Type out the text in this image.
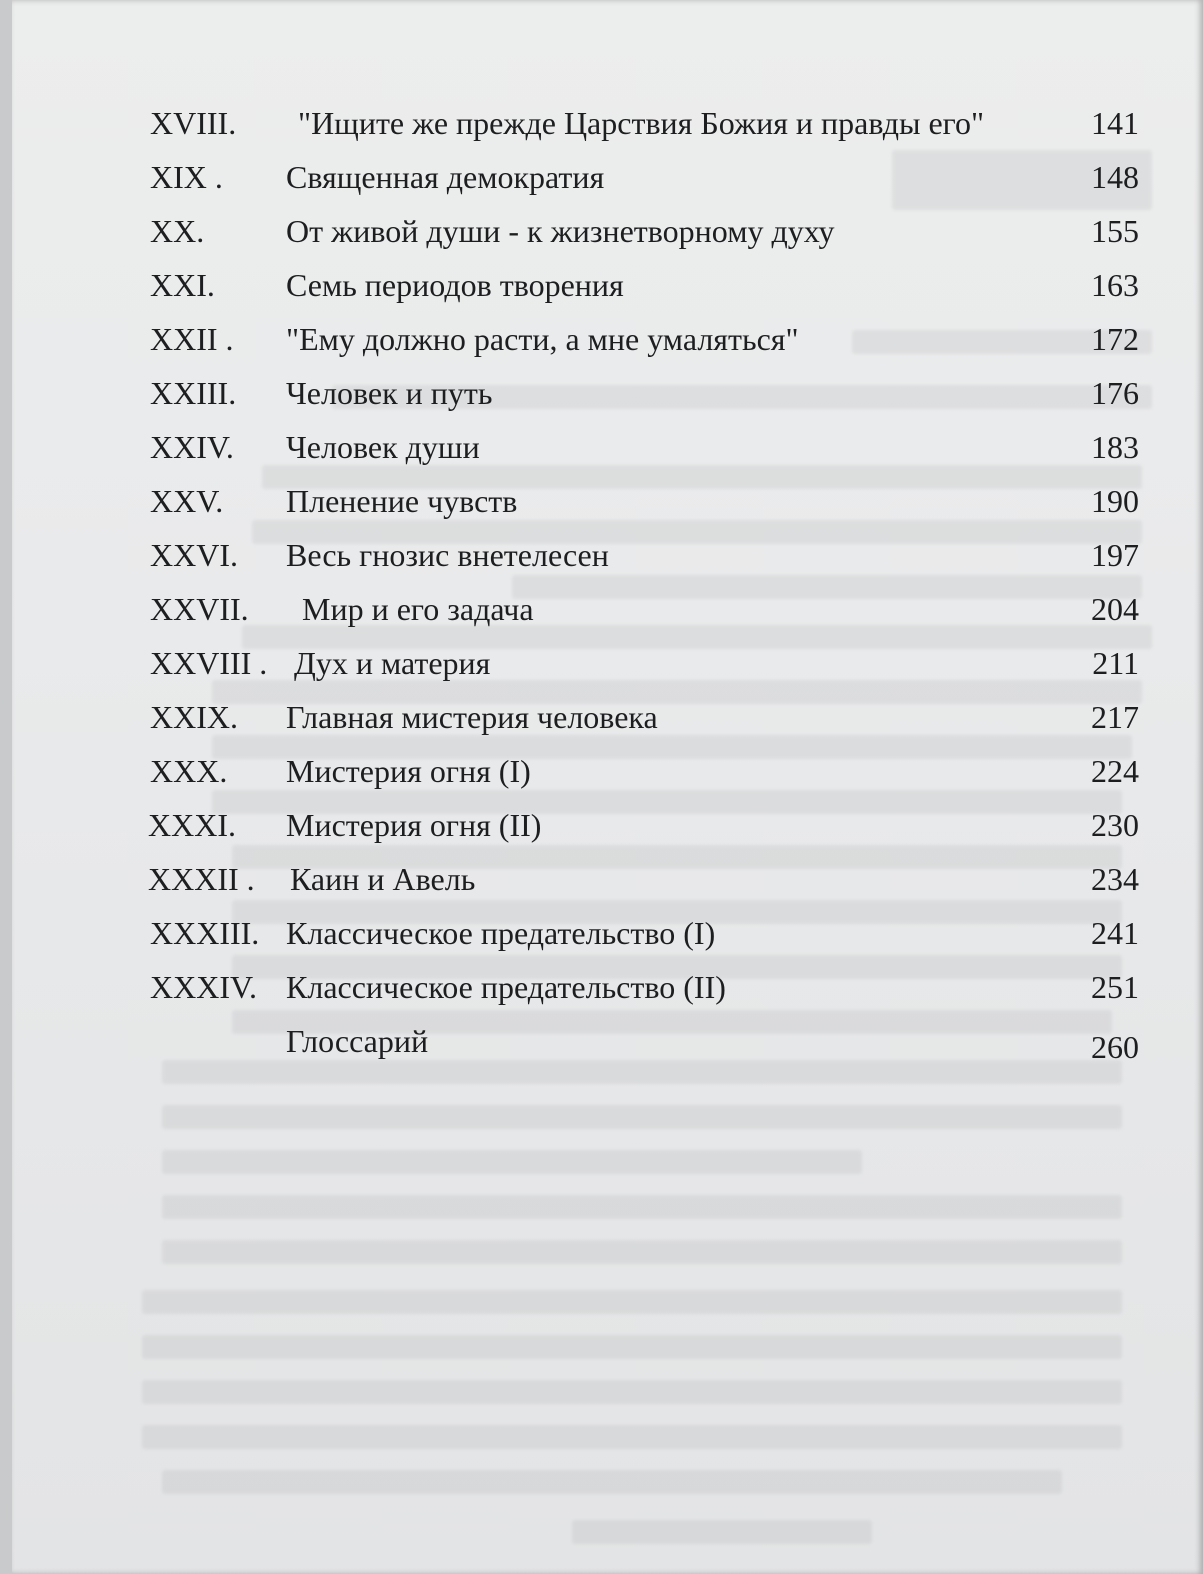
XVIII. "Ищите же прежде Царствия Божия и правды его"	141
XIX . Священная демократия	148
XX.	От живой души - к жизнетворному духу	155
XXI. Семь периодов творения	163
XXII . "Ему должно расти, а мне умаляться"	172
XXIII. Человек и путь	176
XXIV. Человек души	183
XXV. Пленение чувств	190
XXVI. Весь гнозис внетелесен	197
XXVII. Мир и его задача	204
XXVIII . Дух и материя	211
XXIX. Главная мистерия человека	217
XXX. Мистерия огня (I)	224
XXXI. Мистерия огня (II)	230
XXXII . Каин и Авель	234
XXXIII. Классическое предательство (I)	241
XXXIV. Классическое предательство (II)	251
Глоссарий	260
